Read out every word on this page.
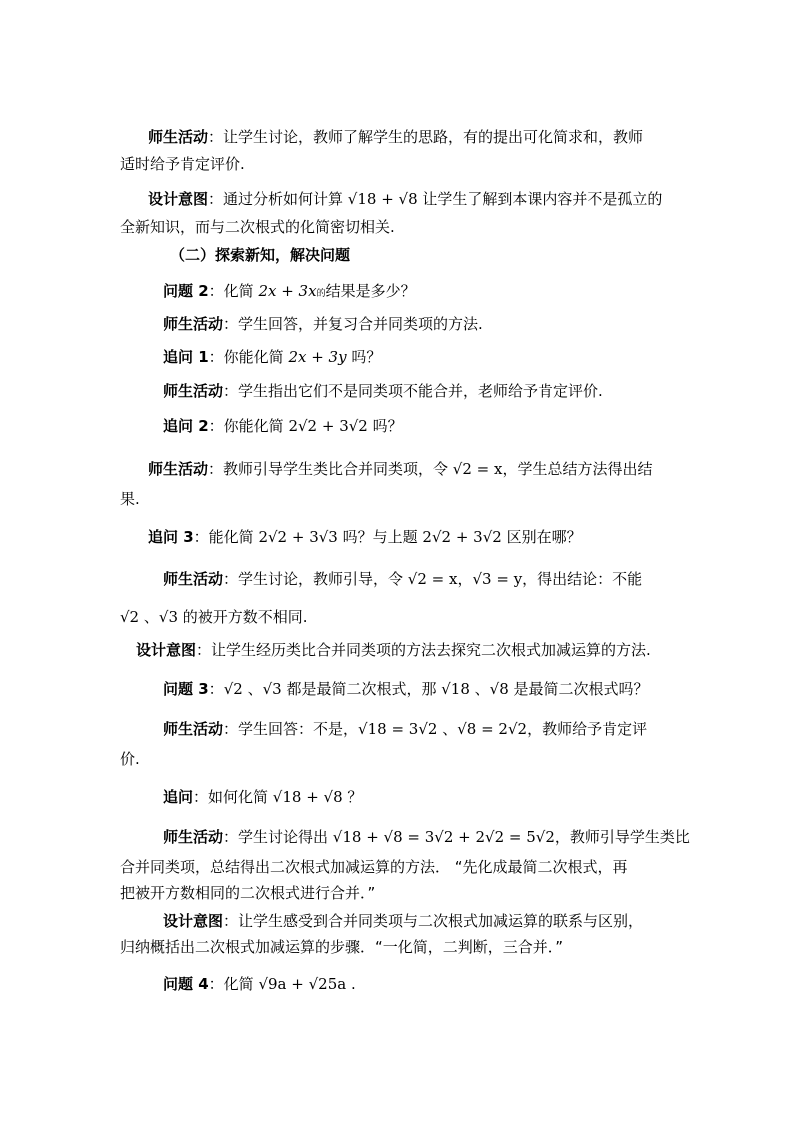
师生活动：让学生讨论，教师了解学生的思路，有的提出可化简求和，教师
适时给予肯定评价.
设计意图：通过分析如何计算 √18 + √8 让学生了解到本课内容并不是孤立的
全新知识，而与二次根式的化简密切相关.
（二）探索新知，解决问题
问题 2：化简 2x + 3x的结果是多少？
师生活动：学生回答，并复习合并同类项的方法.
追问 1：你能化简 2x + 3y 吗？
师生活动：学生指出它们不是同类项不能合并，老师给予肯定评价.
追问 2：你能化简 2√2 + 3√2 吗？
师生活动：教师引导学生类比合并同类项，令 √2 = x，学生总结方法得出结
果.
追问 3：能化简 2√2 + 3√3 吗？与上题 2√2 + 3√2 区别在哪？
师生活动：学生讨论，教师引导，令 √2 = x，√3 = y，得出结论：不能
√2 、√3 的被开方数不相同.
设计意图：让学生经历类比合并同类项的方法去探究二次根式加减运算的方法.
问题 3：√2 、√3 都是最简二次根式，那 √18 、√8 是最简二次根式吗？
师生活动：学生回答：不是，√18 = 3√2 、√8 = 2√2，教师给予肯定评
价.
追问：如何化简 √18 + √8 ？
师生活动：学生讨论得出 √18 + √8 = 3√2 + 2√2 = 5√2，教师引导学生类比
合并同类项，总结得出二次根式加减运算的方法． “先化成最简二次根式，再
把被开方数相同的二次根式进行合并．”
设计意图：让学生感受到合并同类项与二次根式加减运算的联系与区别，
归纳概括出二次根式加减运算的步骤．“一化简，二判断，三合并．”
问题 4：化简 √9a + √25a .
